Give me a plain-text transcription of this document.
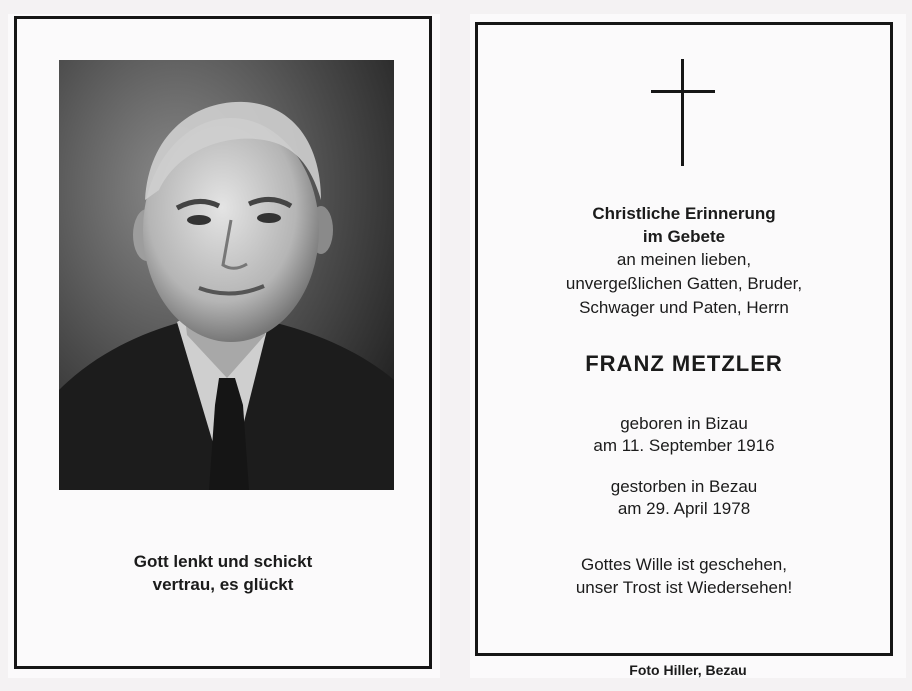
Gott lenkt und schickt
vertrau, es glückt
Christliche Erinnerung
im Gebete
an meinen lieben,
unvergeßlichen Gatten, Bruder,
Schwager und Paten, Herrn
FRANZ METZLER
geboren in Bizau
am 11. September 1916
gestorben in Bezau
am 29. April 1978
Gottes Wille ist geschehen,
unser Trost ist Wiedersehen!
Foto Hiller, Bezau
